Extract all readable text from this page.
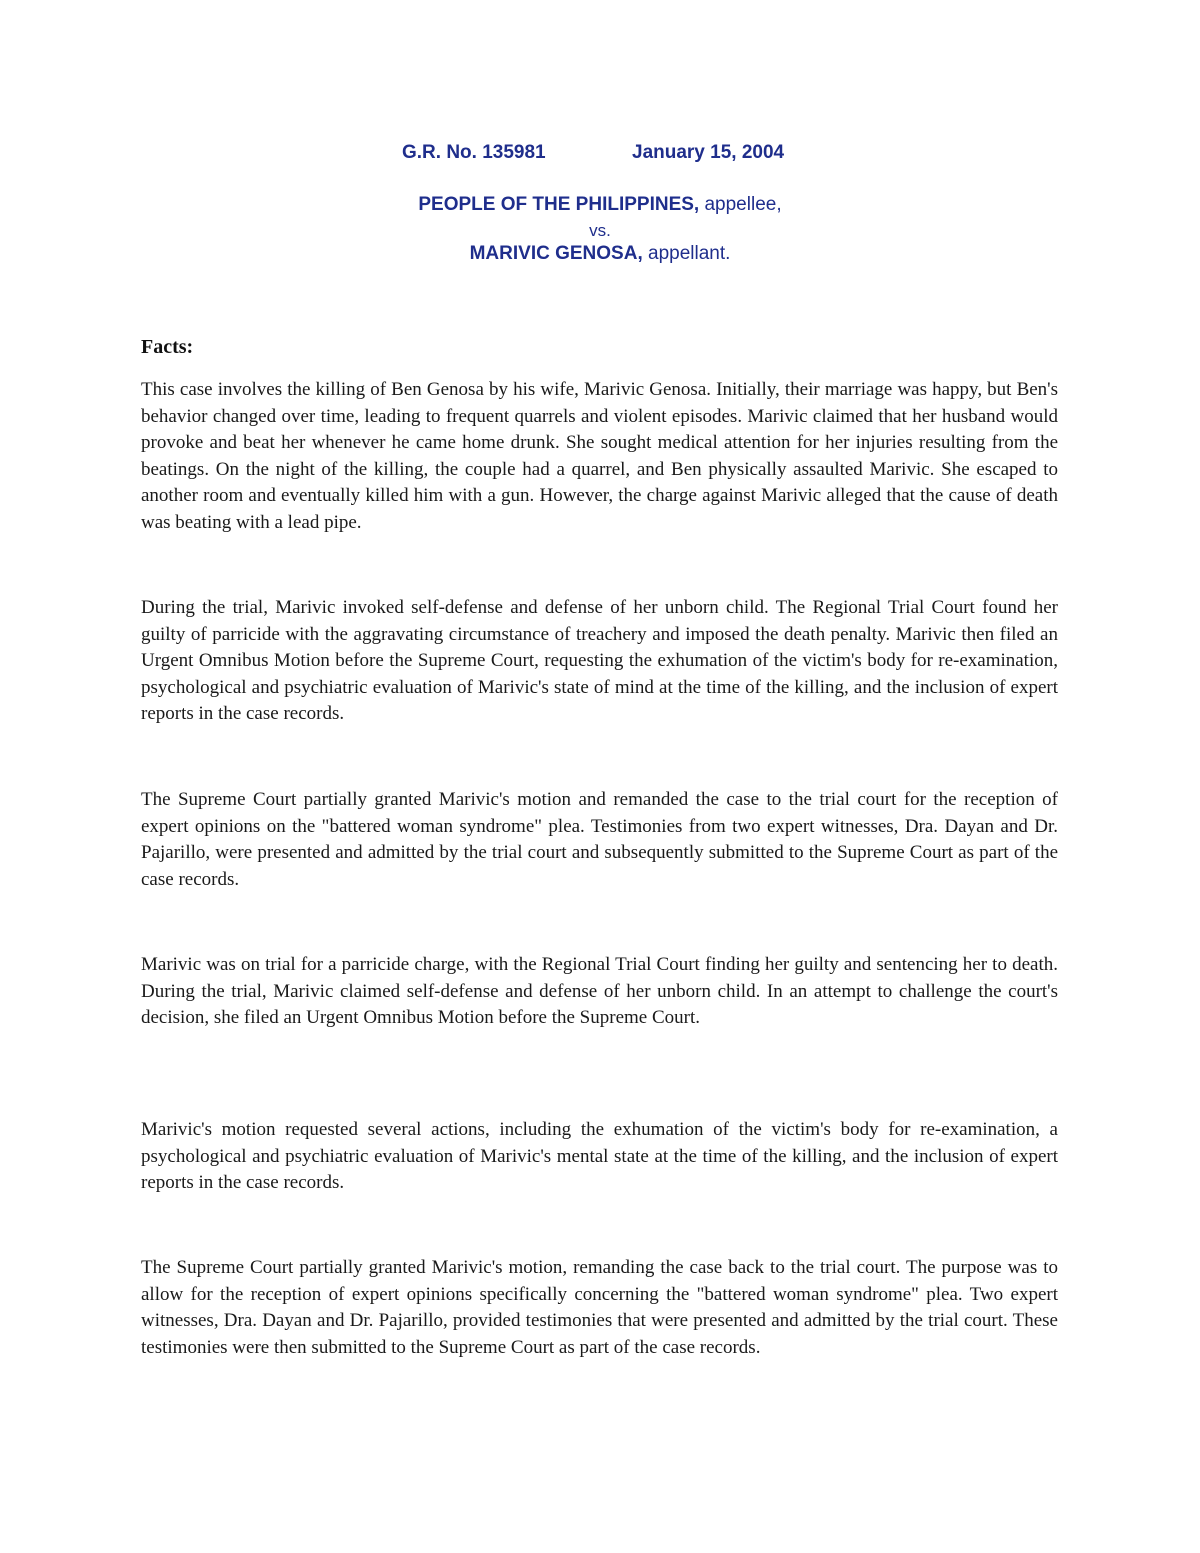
G.R. No. 135981	January 15, 2004
PEOPLE OF THE PHILIPPINES, appellee,
vs.
MARIVIC GENOSA, appellant.
Facts:

This case involves the killing of Ben Genosa by his wife, Marivic Genosa. Initially, their marriage was happy, but Ben's behavior changed over time, leading to frequent quarrels and violent episodes. Marivic claimed that her husband would provoke and beat her whenever he came home drunk. She sought medical attention for her injuries resulting from the beatings. On the night of the killing, the couple had a quarrel, and Ben physically assaulted Marivic. She escaped to another room and eventually killed him with a gun. However, the charge against Marivic alleged that the cause of death was beating with a lead pipe.

During the trial, Marivic invoked self-defense and defense of her unborn child. The Regional Trial Court found her guilty of parricide with the aggravating circumstance of treachery and imposed the death penalty. Marivic then filed an Urgent Omnibus Motion before the Supreme Court, requesting the exhumation of the victim's body for re-examination, psychological and psychiatric evaluation of Marivic's state of mind at the time of the killing, and the inclusion of expert reports in the case records.

The Supreme Court partially granted Marivic's motion and remanded the case to the trial court for the reception of expert opinions on the "battered woman syndrome" plea. Testimonies from two expert witnesses, Dra. Dayan and Dr. Pajarillo, were presented and admitted by the trial court and subsequently submitted to the Supreme Court as part of the case records.

Marivic was on trial for a parricide charge, with the Regional Trial Court finding her guilty and sentencing her to death. During the trial, Marivic claimed self-defense and defense of her unborn child. In an attempt to challenge the court's decision, she filed an Urgent Omnibus Motion before the Supreme Court.

Marivic's motion requested several actions, including the exhumation of the victim's body for re-examination, a psychological and psychiatric evaluation of Marivic's mental state at the time of the killing, and the inclusion of expert reports in the case records.

The Supreme Court partially granted Marivic's motion, remanding the case back to the trial court. The purpose was to allow for the reception of expert opinions specifically concerning the "battered woman syndrome" plea. Two expert witnesses, Dra. Dayan and Dr. Pajarillo, provided testimonies that were presented and admitted by the trial court. These testimonies were then submitted to the Supreme Court as part of the case records.
